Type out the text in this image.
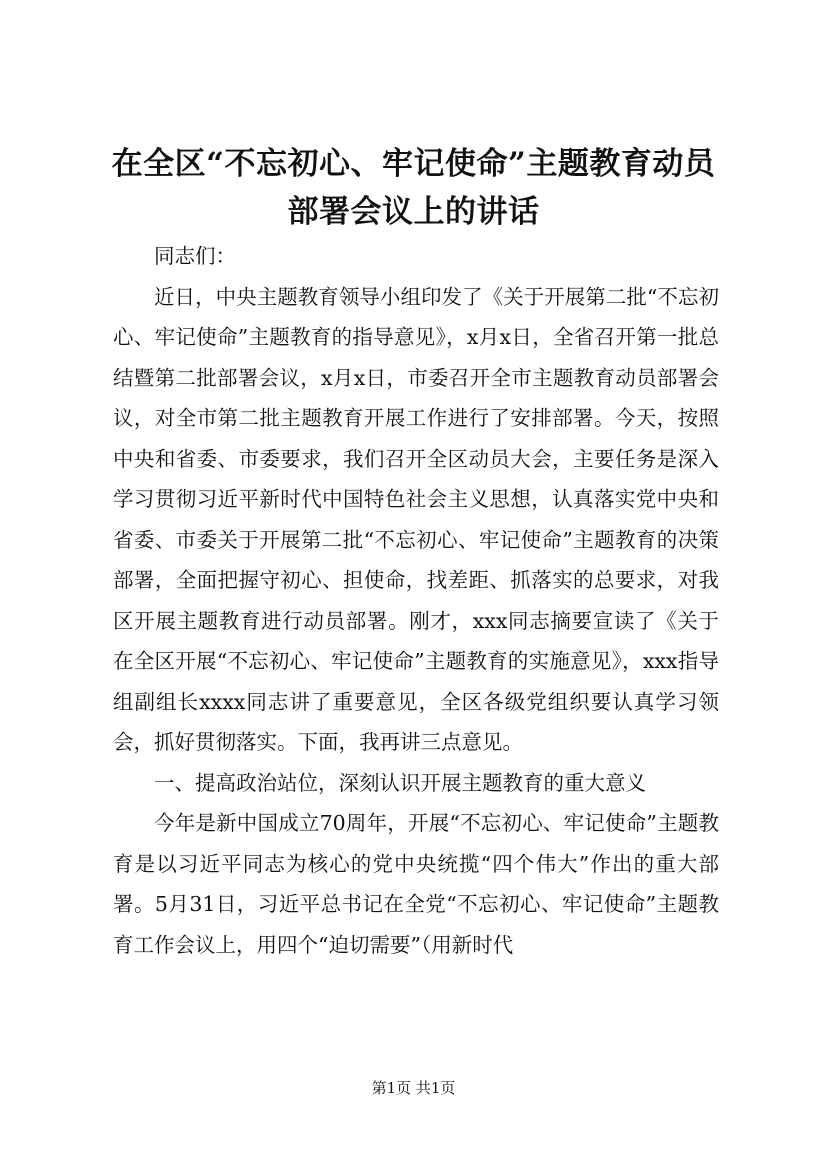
在全区“不忘初心、牢记使命”主题教育动员
部署会议上的讲话

同志们：

近日，中央主题教育领导小组印发了《关于开展第二批“不忘初心、牢记使命”主题教育的指导意见》，x月x日，全省召开第一批总结暨第二批部署会议，x月x日，市委召开全市主题教育动员部署会议，对全市第二批主题教育开展工作进行了安排部署。今天，按照中央和省委、市委要求，我们召开全区动员大会，主要任务是深入学习贯彻习近平新时代中国特色社会主义思想，认真落实党中央和省委、市委关于开展第二批“不忘初心、牢记使命”主题教育的决策部署，全面把握守初心、担使命，找差距、抓落实的总要求，对我区开展主题教育进行动员部署。刚才，xxx同志摘要宣读了《关于在全区开展“不忘初心、牢记使命”主题教育的实施意见》，xxx指导组副组长xxxx同志讲了重要意见，全区各级党组织要认真学习领会，抓好贯彻落实。下面，我再讲三点意见。

一、提高政治站位，深刻认识开展主题教育的重大意义

今年是新中国成立70周年，开展“不忘初心、牢记使命”主题教育是以习近平同志为核心的党中央统揽“四个伟大”作出的重大部署。5月31日，习近平总书记在全党“不忘初心、牢记使命”主题教育工作会议上，用四个“迫切需要”（用新时代

第1页 共1页
